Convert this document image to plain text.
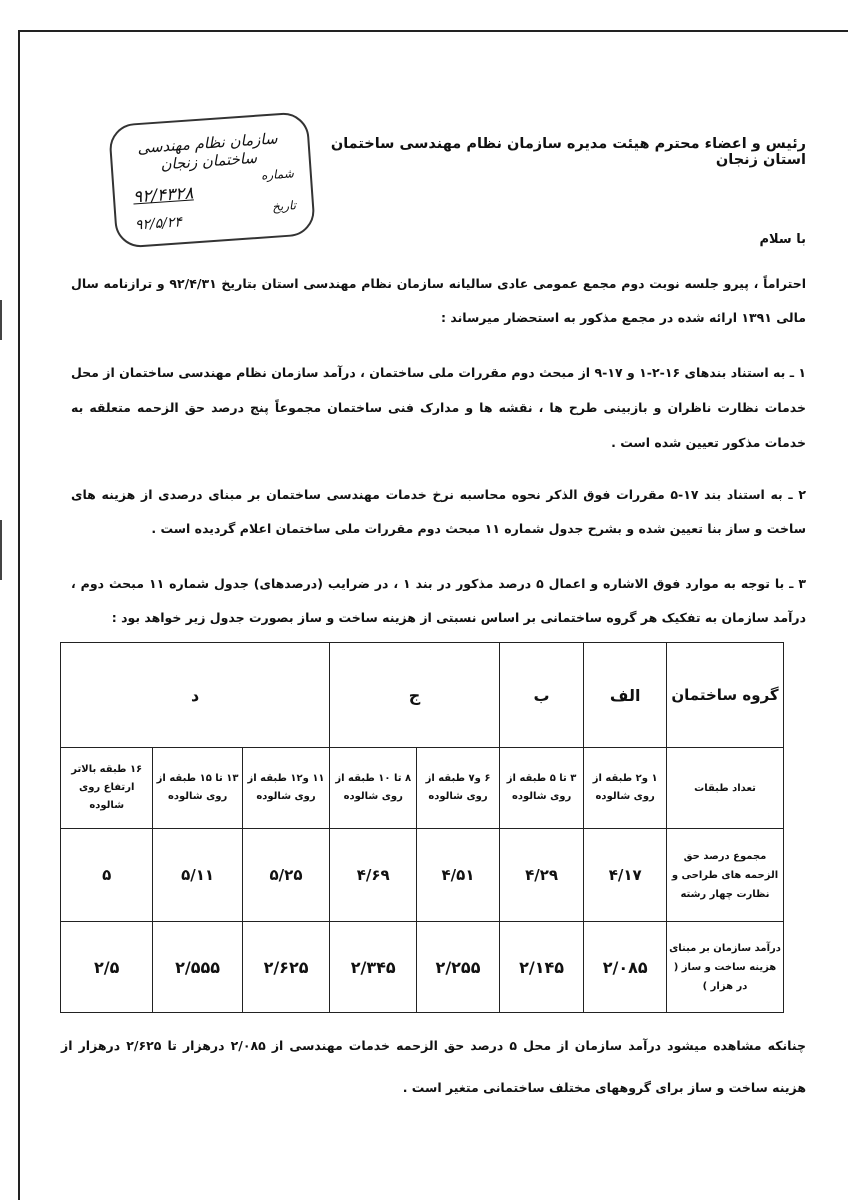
سازمان نظام مهندسی ساختمان زنجان
شماره
۹۲/۴۳۲۸	تاریخ
۹۲/۵/۲۴
رئیس و اعضاء محترم هیئت مدیره سازمان نظام مهندسی ساختمان استان زنجان
با سلام
احتراماً ، پیرو جلسه نوبت دوم مجمع عمومی عادی سالیانه سازمان نظام مهندسی استان بتاریخ ۹۲/۴/۳۱ و ترازنامه سال مالی ۱۳۹۱ ارائه شده در مجمع مذکور به استحضار میرساند :
۱ ـ به استناد بندهای ۱۶-۲-۱ و ۱۷-۹ از مبحث دوم مقررات ملی ساختمان ، درآمد سازمان نظام مهندسی ساختمان از محل خدمات نظارت ناظران و بازبینی طرح ها ، نقشه ها و مدارک فنی ساختمان مجموعاً پنج درصد حق الزحمه متعلقه به خدمات مذکور تعیین شده است .
۲ ـ به استناد بند ۱۷-۵ مقررات فوق الذکر نحوه محاسبه نرخ خدمات مهندسی ساختمان بر مبنای درصدی از هزینه های ساخت و ساز بنا تعیین شده و بشرح جدول شماره ۱۱ مبحث دوم مقررات ملی ساختمان اعلام گردیده است .
۳ ـ با توجه به موارد فوق الاشاره و اعمال ۵ درصد مذکور در بند ۱ ، در ضرایب (درصدهای) جدول شماره ۱۱ مبحث دوم ، درآمد سازمان به تفکیک هر گروه ساختمانی بر اساس نسبتی از هزینه ساخت و ساز بصورت جدول زیر خواهد بود :
گروه ساختمان	الف	ب	ج		د		
تعداد طبقات	۱ و۲ طبقه از روی شالوده	۳ تا ۵ طبقه از روی شالوده	۶ و۷ طبقه از روی شالوده	۸ تا ۱۰ طبقه از روی شالوده	۱۱ و۱۲ طبقه از روی شالوده	۱۳ تا ۱۵ طبقه از روی شالوده	۱۶ طبقه بالاتر ارتفاع روی شالوده
مجموع درصد حق الزحمه های طراحی و نظارت چهار رشته	۴/۱۷	۴/۲۹	۴/۵۱	۴/۶۹	۵/۲۵	۵/۱۱	۵
درآمد سازمان بر مبنای هزینه ساخت و ساز ( در هزار )	۲/۰۸۵	۲/۱۴۵	۲/۲۵۵	۲/۳۴۵	۲/۶۲۵	۲/۵۵۵	۲/۵
چنانکه مشاهده میشود درآمد سازمان از محل ۵ درصد حق الزحمه خدمات مهندسی از ۲/۰۸۵ درهزار تا ۲/۶۲۵ درهزار از هزینه ساخت و ساز برای گروههای مختلف ساختمانی متغیر است .
